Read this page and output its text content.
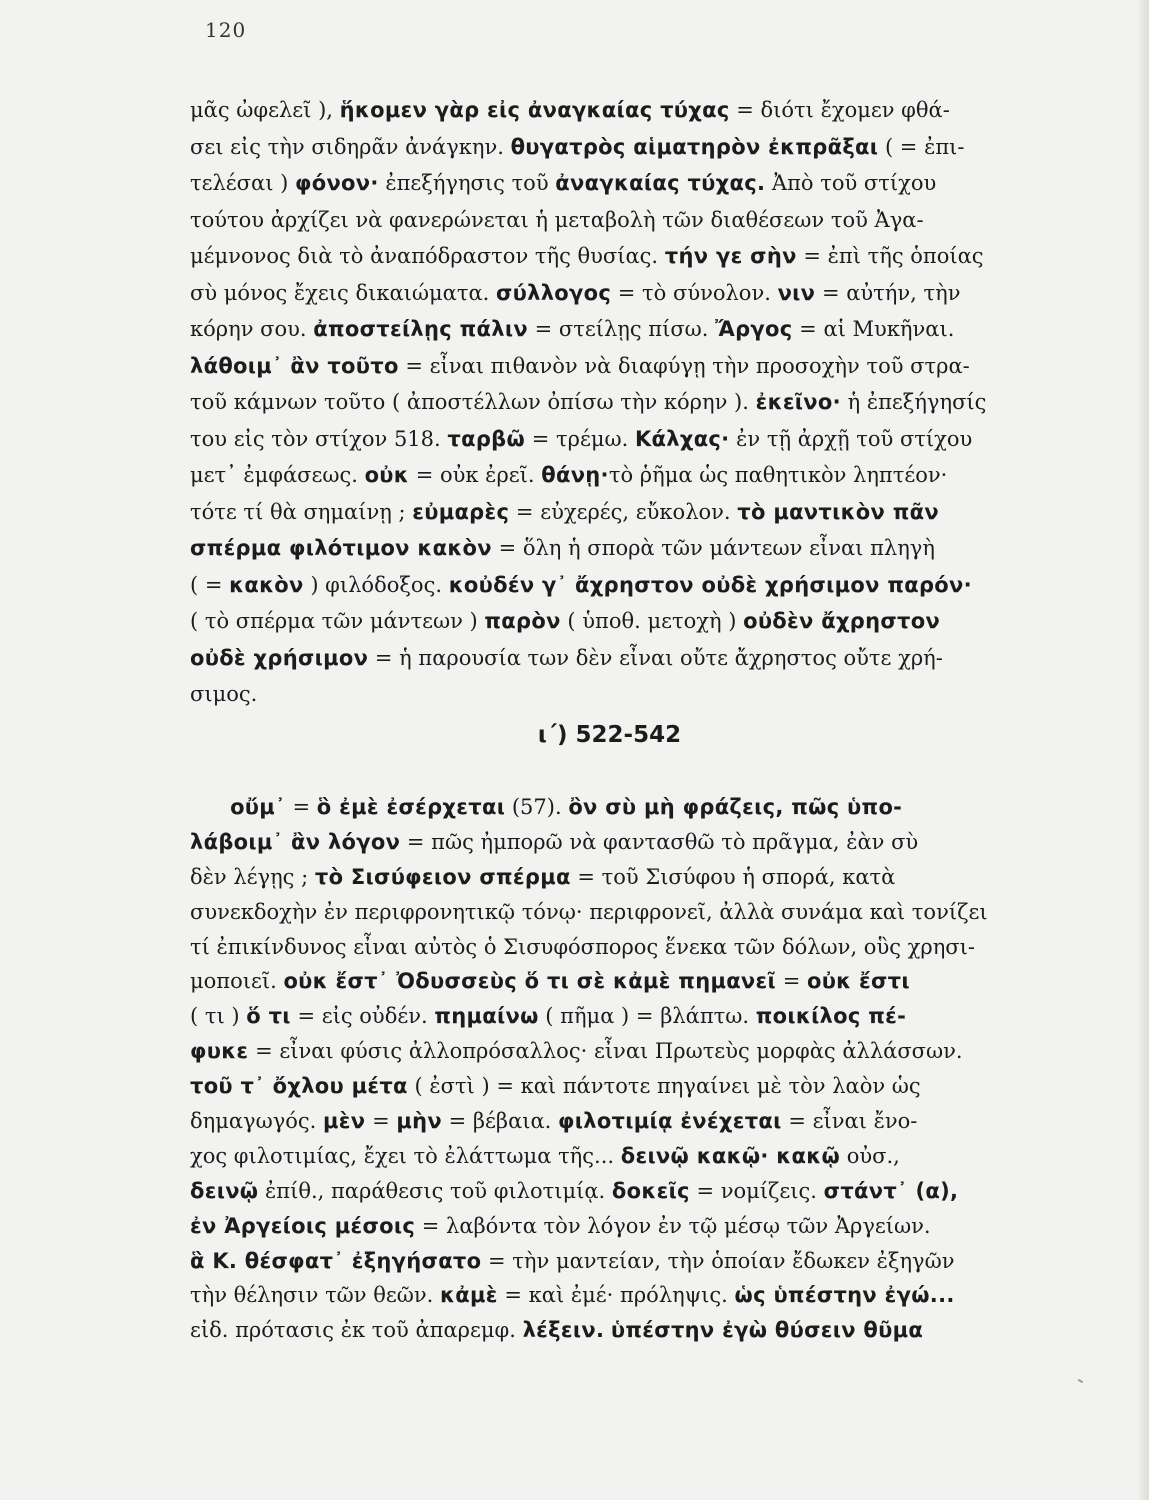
120
μᾶς ὠφελεῖ ), ἥκομεν γὰρ εἰς ἀναγκαίας τύχας = διότι ἔχομεν φθά-
σει εἰς τὴν σιδηρᾶν ἀνάγκην. θυγατρὸς αἱματηρὸν ἐκπρᾶξαι ( = ἐπι-
τελέσαι ) φόνον· ἐπεξήγησις τοῦ ἀναγκαίας τύχας. Ἀπὸ τοῦ στίχου
τούτου ἀρχίζει νὰ φανερώνεται ἡ μεταβολὴ τῶν διαθέσεων τοῦ Ἀγα-
μέμνονος διὰ τὸ ἀναπόδραστον τῆς θυσίας. τήν γε σὴν = ἐπὶ τῆς ὁποίας
σὺ μόνος ἔχεις δικαιώματα. σύλλογος = τὸ σύνολον. νιν = αὐτήν, τὴν
κόρην σου. ἀποστείλῃς πάλιν = στείλῃς πίσω. Ἄργος = αἱ Μυκῆναι.
λάθοιμ᾽ ἂν τοῦτο = εἶναι πιθανὸν νὰ διαφύγῃ τὴν προσοχὴν τοῦ στρα-
τοῦ κάμνων τοῦτο ( ἀποστέλλων ὀπίσω τὴν κόρην ). ἐκεῖνο· ἡ ἐπεξήγησίς
του εἰς τὸν στίχον 518. ταρβῶ = τρέμω. Κάλχας· ἐν τῇ ἀρχῇ τοῦ στίχου
μετ᾽ ἐμφάσεως. οὐκ = οὐκ ἐρεῖ. θάνῃ·τὸ ῥῆμα ὡς παθητικὸν ληπτέον·
τότε τί θὰ σημαίνῃ ; εὐμαρὲς = εὐχερές, εὔκολον. τὸ μαντικὸν πᾶν
σπέρμα φιλότιμον κακὸν = ὅλη ἡ σπορὰ τῶν μάντεων εἶναι πληγὴ
( = κακὸν ) φιλόδοξος. κοὐδέν γ᾽ ἄχρηστον οὐδὲ χρήσιμον παρόν·
( τὸ σπέρμα τῶν μάντεων ) παρὸν ( ὑποθ. μετοχὴ ) οὐδὲν ἄχρηστον
οὐδὲ χρήσιμον = ἡ παρουσία των δὲν εἶναι οὔτε ἄχρηστος οὔτε χρή-
σιμος.
ι΄) 522-542
οὔμ᾽ = ὃ ἐμὲ ἐσέρχεται (57). ὂν σὺ μὴ φράζεις, πῶς ὑπο-
λάβοιμ᾽ ἂν λόγον = πῶς ἠμπορῶ νὰ φαντασθῶ τὸ πρᾶγμα, ἐὰν σὺ
δὲν λέγῃς ; τὸ Σισύφειον σπέρμα = τοῦ Σισύφου ἡ σπορά, κατὰ
συνεκδοχὴν ἐν περιφρονητικῷ τόνῳ· περιφρονεῖ, ἀλλὰ συνάμα καὶ τονίζει
τί ἐπικίνδυνος εἶναι αὐτὸς ὁ Σισυφόσπορος ἕνεκα τῶν δόλων, οὓς χρησι-
μοποιεῖ. οὐκ ἔστ᾽ Ὀδυσσεὺς ὅ τι σὲ κἀμὲ πημανεῖ = οὐκ ἔστι
( τι ) ὅ τι = εἰς οὐδέν. πημαίνω ( πῆμα ) = βλάπτω. ποικίλος πέ-
φυκε = εἶναι φύσις ἀλλοπρόσαλλος· εἶναι Πρωτεὺς μορφὰς ἀλλάσσων.
τοῦ τ᾽ ὄχλου μέτα ( ἐστὶ ) = καὶ πάντοτε πηγαίνει μὲ τὸν λαὸν ὡς
δημαγωγός. μὲν = μὴν = βέβαια. φιλοτιμίᾳ ἐνέχεται = εἶναι ἔνο-
χος φιλοτιμίας, ἔχει τὸ ἐλάττωμα τῆς... δεινῷ κακῷ· κακῷ οὐσ.,
δεινῷ ἐπίθ., παράθεσις τοῦ φιλοτιμίᾳ. δοκεῖς = νομίζεις. στάντ᾽ (α),
ἐν Ἀργείοις μέσοις = λαβόντα τὸν λόγον ἐν τῷ μέσῳ τῶν Ἀργείων.
ἃ Κ. θέσφατ᾽ ἐξηγήσατο = τὴν μαντείαν, τὴν ὁποίαν ἔδωκεν ἐξηγῶν
τὴν θέλησιν τῶν θεῶν. κἀμὲ = καὶ ἐμέ· πρόληψις. ὡς ὑπέστην ἐγώ...
εἰδ. πρότασις ἐκ τοῦ ἀπαρεμφ. λέξειν. ὑπέστην ἐγὼ θύσειν θῦμα
